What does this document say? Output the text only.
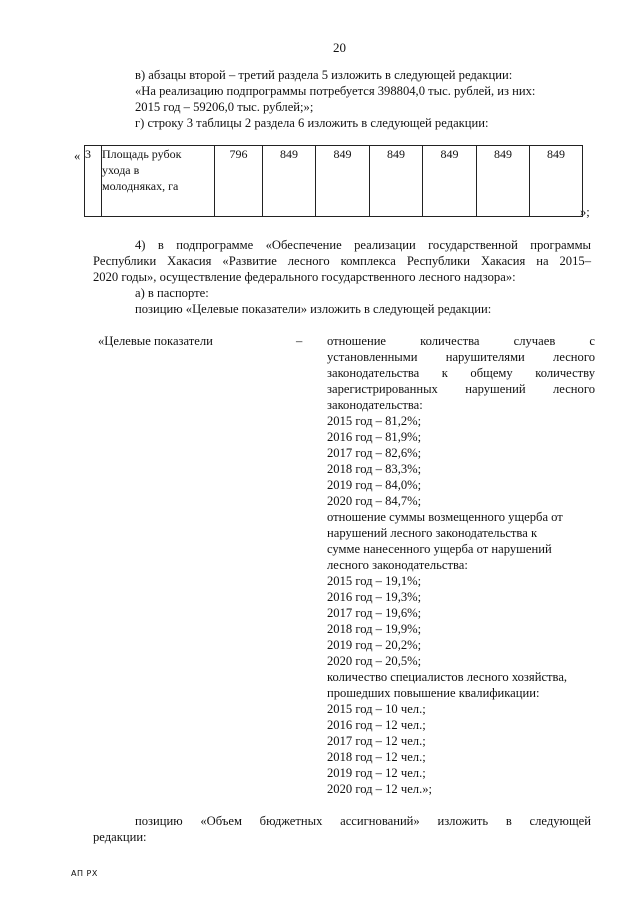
20
в) абзацы второй – третий раздела 5 изложить в следующей редакции:
«На реализацию подпрограммы потребуется 398804,0 тыс. рублей, из них:
2015 год – 59206,0 тыс. рублей;»;
г) строку 3 таблицы 2 раздела 6 изложить в следующей редакции:
« 3	Площадь рубок
ухода в
молодняках, га
	796	849	849	849	849	849	849
»;
4) в подпрограмме «Обеспечение реализации государственной программы
Республики Хакасия «Развитие лесного комплекса Республики Хакасия на 2015–
2020 годы», осуществление федерального государственного лесного надзора»:
а) в паспорте:
позицию «Целевые показатели» изложить в следующей редакции:
«Целевые показатели	– отношение количества случаев с
установленными нарушителями лесного
законодательства к общему количеству
зарегистрированных нарушений лесного
законодательства:
2015 год – 81,2%;
2016 год – 81,9%;
2017 год – 82,6%;
2018 год – 83,3%;
2019 год – 84,0%;
2020 год – 84,7%;
отношение суммы возмещенного ущерба от
нарушений лесного законодательства к
сумме нанесенного ущерба от нарушений
лесного законодательства:
2015 год – 19,1%;
2016 год – 19,3%;
2017 год – 19,6%;
2018 год – 19,9%;
2019 год – 20,2%;
2020 год – 20,5%;
количество специалистов лесного хозяйства,
прошедших повышение квалификации:
2015 год – 10 чел.;
2016 год – 12 чел.;
2017 год – 12 чел.;
2018 год – 12 чел.;
2019 год – 12 чел.;
2020 год – 12 чел.»;
позицию «Объем бюджетных ассигнований» изложить в следующей
редакции:
АП РХ
